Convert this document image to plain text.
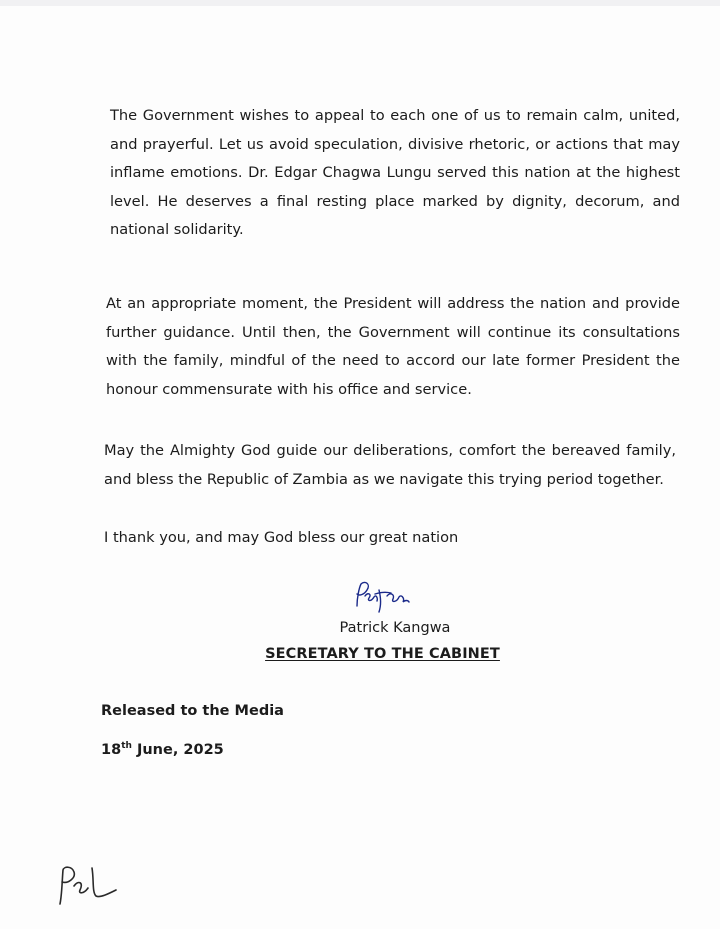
The Government wishes to appeal to each one of us to remain calm, united, and prayerful. Let us avoid speculation, divisive rhetoric, or actions that may inflame emotions. Dr. Edgar Chagwa Lungu served this nation at the highest level. He deserves a final resting place marked by dignity, decorum, and national solidarity.

At an appropriate moment, the President will address the nation and provide further guidance. Until then, the Government will continue its consultations with the family, mindful of the need to accord our late former President the honour commensurate with his office and service.

May the Almighty God guide our deliberations, comfort the bereaved family, and bless the Republic of Zambia as we navigate this trying period together.

I thank you, and may God bless our great nation

Patrick Kangwa
SECRETARY TO THE CABINET
Released to the Media
18th June, 2025
